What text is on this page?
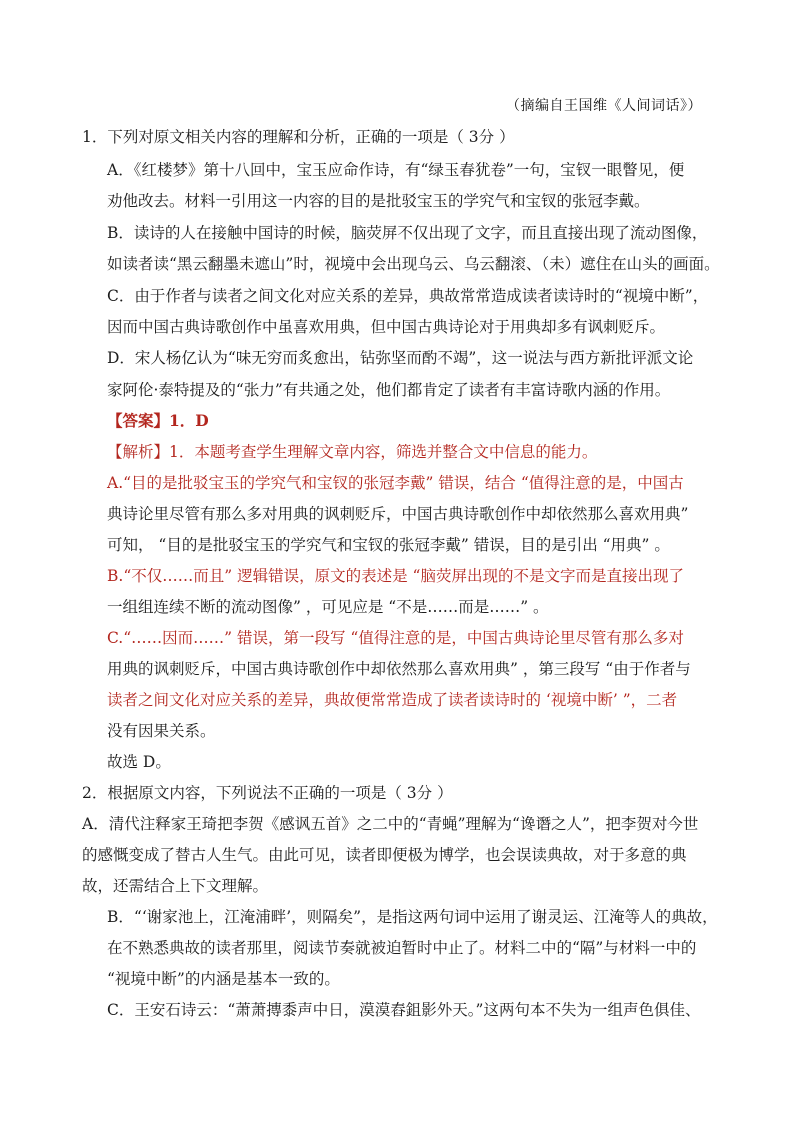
（摘编自王国维《人间词话》）
1．下列对原文相关内容的理解和分析，正确的一项是（ 3分 ）
A．《红楼梦》第十八回中，宝玉应命作诗，有“绿玉春犹卷”一句，宝钗一眼瞥见，便
劝他改去。材料一引用这一内容的目的是批驳宝玉的学究气和宝钗的张冠李戴。
B．读诗的人在接触中国诗的时候，脑荧屏不仅出现了文字，而且直接出现了流动图像，
如读者读“黑云翻墨未遮山”时，视境中会出现乌云、乌云翻滚、（未）遮住在山头的画面。
C．由于作者与读者之间文化对应关系的差异，典故常常造成读者读诗时的“视境中断”，
因而中国古典诗歌创作中虽喜欢用典，但中国古典诗论对于用典却多有讽刺贬斥。
D．宋人杨亿认为“味无穷而炙愈出，钻弥坚而酌不竭”，这一说法与西方新批评派文论
家阿伦·泰特提及的“张力”有共通之处，他们都肯定了读者有丰富诗歌内涵的作用。
【答案】1．D
【解析】1．本题考查学生理解文章内容，筛选并整合文中信息的能力。
A.“目的是批驳宝玉的学究气和宝钗的张冠李戴” 错误，结合 “值得注意的是，中国古
典诗论里尽管有那么多对用典的讽刺贬斥，中国古典诗歌创作中却依然那么喜欢用典”
可知， “目的是批驳宝玉的学究气和宝钗的张冠李戴” 错误，目的是引出 “用典” 。
B.“不仅……而且” 逻辑错误，原文的表述是 “脑荧屏出现的不是文字而是直接出现了
一组组连续不断的流动图像” ，可见应是 “不是……而是……” 。
C.“……因而……” 错误，第一段写 “值得注意的是，中国古典诗论里尽管有那么多对
用典的讽刺贬斥，中国古典诗歌创作中却依然那么喜欢用典” ，第三段写 “由于作者与
读者之间文化对应关系的差异，典故便常常造成了读者读诗时的 ‘视境中断’ ”，二者
没有因果关系。
故选 D。
2．根据原文内容，下列说法不正确的一项是（ 3分 ）
A．清代注释家王琦把李贺《感讽五首》之二中的“青蝇”理解为“谗谮之人”，把李贺对今世
的感慨变成了替古人生气。由此可见，读者即便极为博学，也会误读典故，对于多意的典
故，还需结合上下文理解。
B．“‘谢家池上，江淹浦畔’，则隔矣”，是指这两句词中运用了谢灵运、江淹等人的典故，
在不熟悉典故的读者那里，阅读节奏就被迫暂时中止了。材料二中的“隔”与材料一中的
“视境中断”的内涵是基本一致的。
C．王安石诗云：“萧萧摶黍声中日，漠漠舂鉏影外天。”这两句本不失为一组声色俱佳、
